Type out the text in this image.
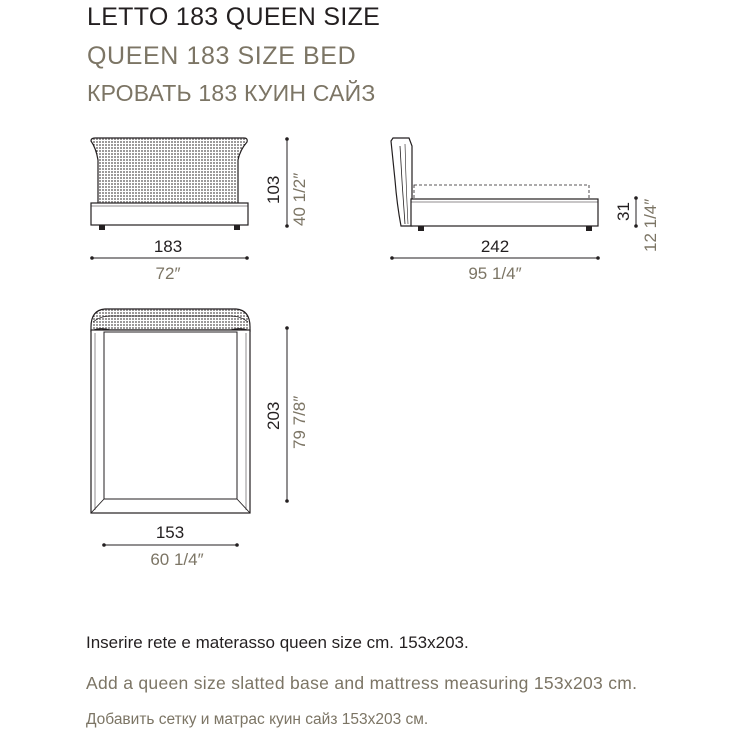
LETTO 183 QUEEN SIZE
QUEEN 183 SIZE BED
КРОВАТЬ 183 КУИН САЙЗ
103 40 1/2″
183
72″
31 12 1/4″
242
95 1/4″
203 79 7/8″
153
60 1/4″
Inserire rete e materasso queen size cm. 153x203.
Add a queen size slatted base and mattress measuring 153x203 cm.
Добавить сетку и матрас куин сайз 153x203 см.
